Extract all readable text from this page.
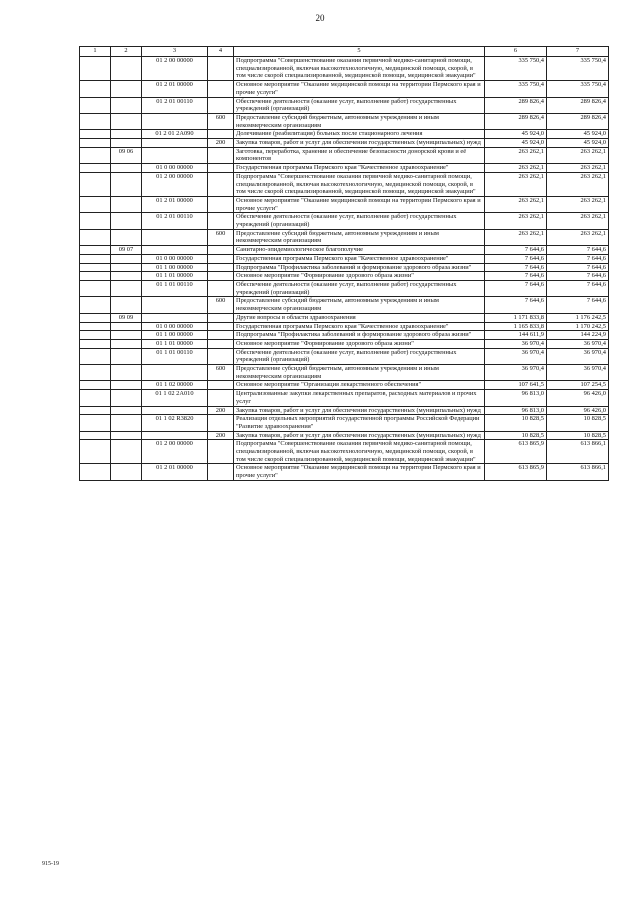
20
1	2	3	4	5	6	7
		01 2 00 00000		Подпрограмма "Совершенствование оказания первичной медико-санитарной помощи, специализированной, включая высокотехнологичную, медицинской помощи, скорой, в том числе скорой специализированной, медицинской помощи, медицинской эвакуации"	335 750,4	335 750,4
		01 2 01 00000		Основное мероприятие "Оказание медицинской помощи на территории Пермского края и прочие услуги"	335 750,4	335 750,4
		01 2 01 00110		Обеспечение деятельности (оказание услуг, выполнение работ) государственных учреждений (организаций)	289 826,4	289 826,4
			600	Предоставление субсидий бюджетным, автономным учреждениям и иным некоммерческим организациям	289 826,4	289 826,4
		01 2 01 2А090		Долечивание (реабилитация) больных после стационарного лечения	45 924,0	45 924,0
			200	Закупка товаров, работ и услуг для обеспечения государственных (муниципальных) нужд	45 924,0	45 924,0
	09 06			Заготовка, переработка, хранение и обеспечение безопасности донорской крови и её компонентов	263 262,1	263 262,1
		01 0 00 00000		Государственная программа Пермского края "Качественное здравоохранение"	263 262,1	263 262,1
		01 2 00 00000		Подпрограмма "Совершенствование оказания первичной медико-санитарной помощи, специализированной, включая высокотехнологичную, медицинской помощи, скорой, в том числе скорой специализированной, медицинской помощи, медицинской эвакуации"	263 262,1	263 262,1
		01 2 01 00000		Основное мероприятие "Оказание медицинской помощи на территории Пермского края и прочие услуги"	263 262,1	263 262,1
		01 2 01 00110		Обеспечение деятельности (оказание услуг, выполнение работ) государственных учреждений (организаций)	263 262,1	263 262,1
			600	Предоставление субсидий бюджетным, автономным учреждениям и иным некоммерческим организациям	263 262,1	263 262,1
	09 07			Санитарно-эпидемиологическое благополучие	7 644,6	7 644,6
		01 0 00 00000		Государственная программа Пермского края "Качественное здравоохранение"	7 644,6	7 644,6
		01 1 00 00000		Подпрограмма "Профилактика заболеваний и формирование здорового образа жизни"	7 644,6	7 644,6
		01 1 01 00000		Основное мероприятие "Формирование здорового образа жизни"	7 644,6	7 644,6
		01 1 01 00110		Обеспечение деятельности (оказание услуг, выполнение работ) государственных учреждений (организаций)	7 644,6	7 644,6
			600	Предоставление субсидий бюджетным, автономным учреждениям и иным некоммерческим организациям	7 644,6	7 644,6
	09 09			Другие вопросы в области здравоохранения	1 171 833,8	1 176 242,5
		01 0 00 00000		Государственная программа Пермского края "Качественное здравоохранение"	1 165 833,8	1 170 242,5
		01 1 00 00000		Подпрограмма "Профилактика заболеваний и формирование здорового образа жизни"	144 611,9	144 224,9
		01 1 01 00000		Основное мероприятие "Формирование здорового образа жизни"	36 970,4	36 970,4
		01 1 01 00110		Обеспечение деятельности (оказание услуг, выполнение работ) государственных учреждений (организаций)	36 970,4	36 970,4
			600	Предоставление субсидий бюджетным, автономным учреждениям и иным некоммерческим организациям	36 970,4	36 970,4
		01 1 02 00000		Основное мероприятие "Организация лекарственного обеспечения"	107 641,5	107 254,5
		01 1 02 2А010		Централизованные закупки лекарственных препаратов, расходных материалов и прочих услуг	96 813,0	96 426,0
			200	Закупка товаров, работ и услуг для обеспечения государственных (муниципальных) нужд	96 813,0	96 426,0
		01 1 02 R3820		Реализация отдельных мероприятий государственной программы Российской Федерации "Развитие здравоохранения"	10 828,5	10 828,5
			200	Закупка товаров, работ и услуг для обеспечения государственных (муниципальных) нужд	10 828,5	10 828,5
		01 2 00 00000		Подпрограмма "Совершенствование оказания первичной медико-санитарной помощи, специализированной, включая высокотехнологичную, медицинской помощи, скорой, в том числе скорой специализированной, медицинской помощи, медицинской эвакуации"	613 865,9	613 866,1
		01 2 01 00000		Основное мероприятие "Оказание медицинской помощи на территории Пермского края и прочие услуги"	613 865,9	613 866,1
915-19
